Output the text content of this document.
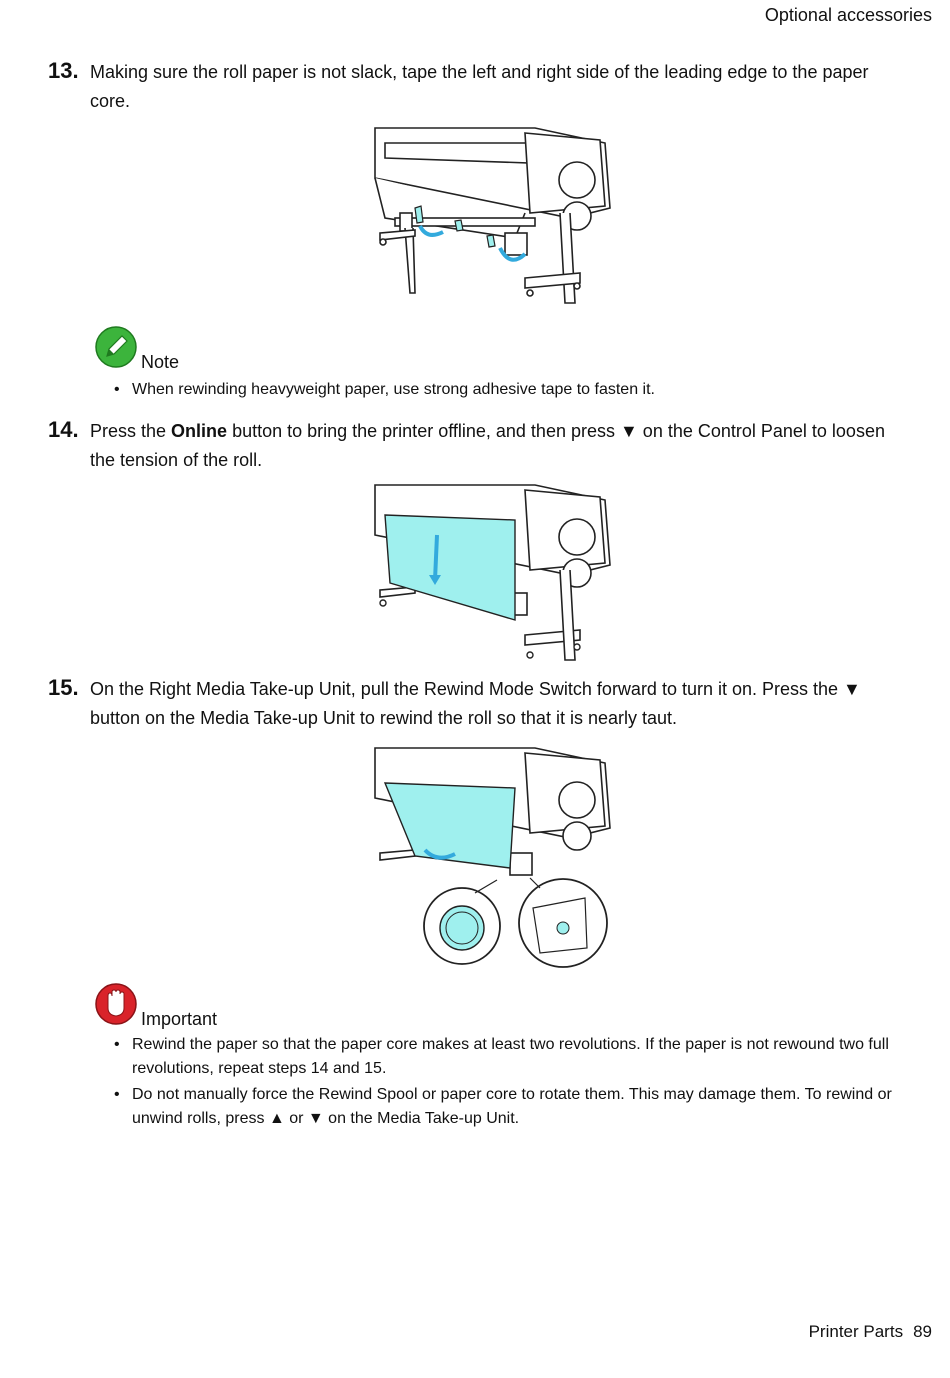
Optional accessories
13. Making sure the roll paper is not slack, tape the left and right side of the leading edge to the paper core.
Note
• When rewinding heavyweight paper, use strong adhesive tape to fasten it.
14. Press the Online button to bring the printer offline, and then press ▼ on the Control Panel to loosen the tension of the roll.
15. On the Right Media Take-up Unit, pull the Rewind Mode Switch forward to turn it on. Press the ▼ button on the Media Take-up Unit to rewind the roll so that it is nearly taut.
Important
• Rewind the paper so that the paper core makes at least two revolutions. If the paper is not rewound two full revolutions, repeat steps 14 and 15.
• Do not manually force the Rewind Spool or paper core to rotate them. This may damage them. To rewind or unwind rolls, press ▲ or ▼ on the Media Take-up Unit.
Printer Parts 89
